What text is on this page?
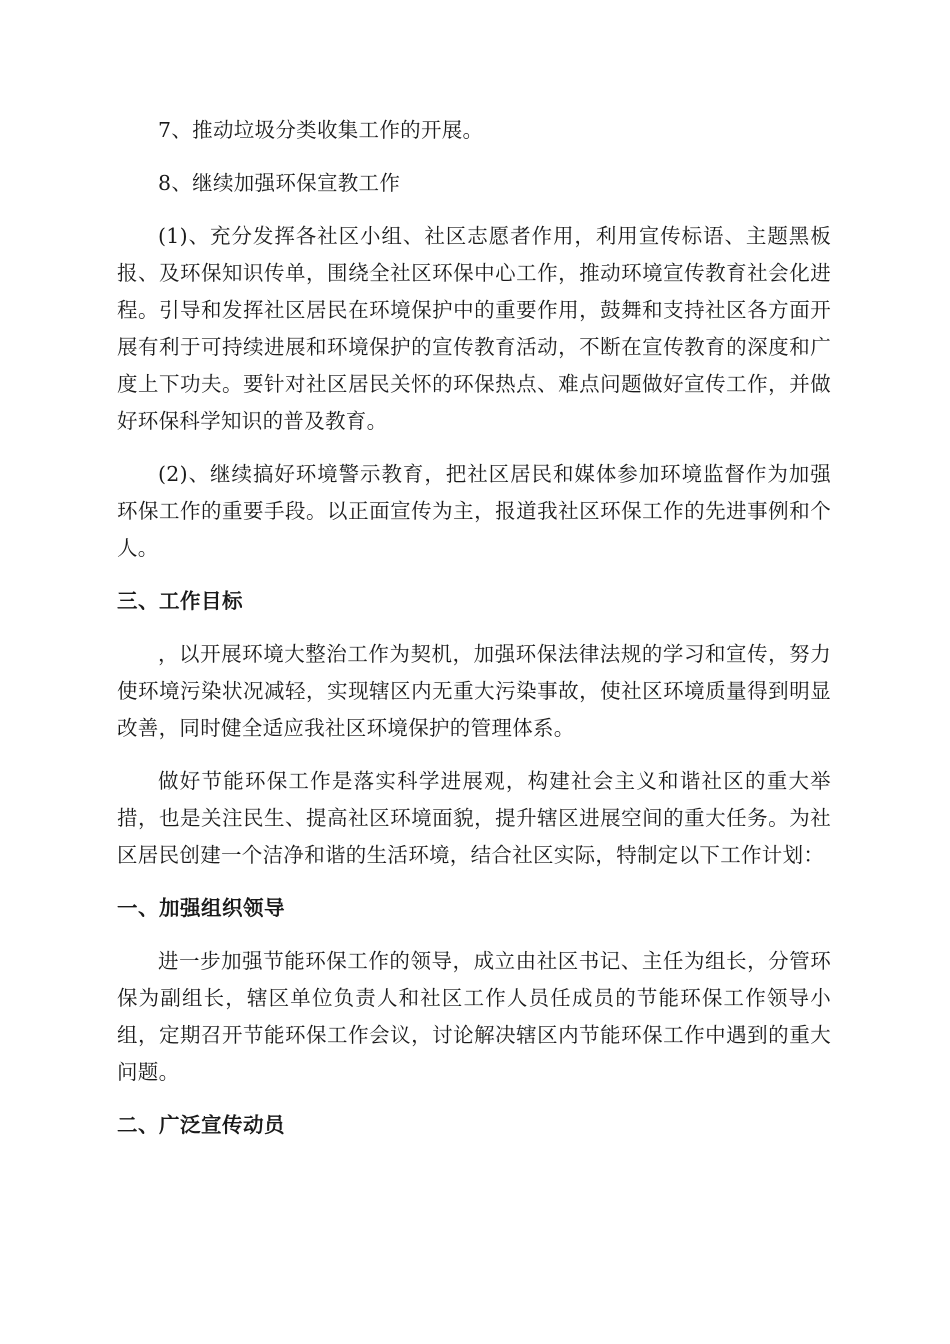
7、推动垃圾分类收集工作的开展。

8、继续加强环保宣教工作

(1)、充分发挥各社区小组、社区志愿者作用，利用宣传标语、主题黑板报、及环保知识传单，围绕全社区环保中心工作，推动环境宣传教育社会化进程。引导和发挥社区居民在环境保护中的重要作用，鼓舞和支持社区各方面开展有利于可持续进展和环境保护的宣传教育活动，不断在宣传教育的深度和广度上下功夫。要针对社区居民关怀的环保热点、难点问题做好宣传工作，并做好环保科学知识的普及教育。

(2)、继续搞好环境警示教育，把社区居民和媒体参加环境监督作为加强环保工作的重要手段。以正面宣传为主，报道我社区环保工作的先进事例和个人。

三、工作目标

，以开展环境大整治工作为契机，加强环保法律法规的学习和宣传，努力使环境污染状况减轻，实现辖区内无重大污染事故，使社区环境质量得到明显改善，同时健全适应我社区环境保护的管理体系。

做好节能环保工作是落实科学进展观，构建社会主义和谐社区的重大举措，也是关注民生、提高社区环境面貌，提升辖区进展空间的重大任务。为社区居民创建一个洁净和谐的生活环境，结合社区实际，特制定以下工作计划：

一、加强组织领导

进一步加强节能环保工作的领导，成立由社区书记、主任为组长，分管环保为副组长，辖区单位负责人和社区工作人员任成员的节能环保工作领导小组，定期召开节能环保工作会议，讨论解决辖区内节能环保工作中遇到的重大问题。

二、广泛宣传动员
